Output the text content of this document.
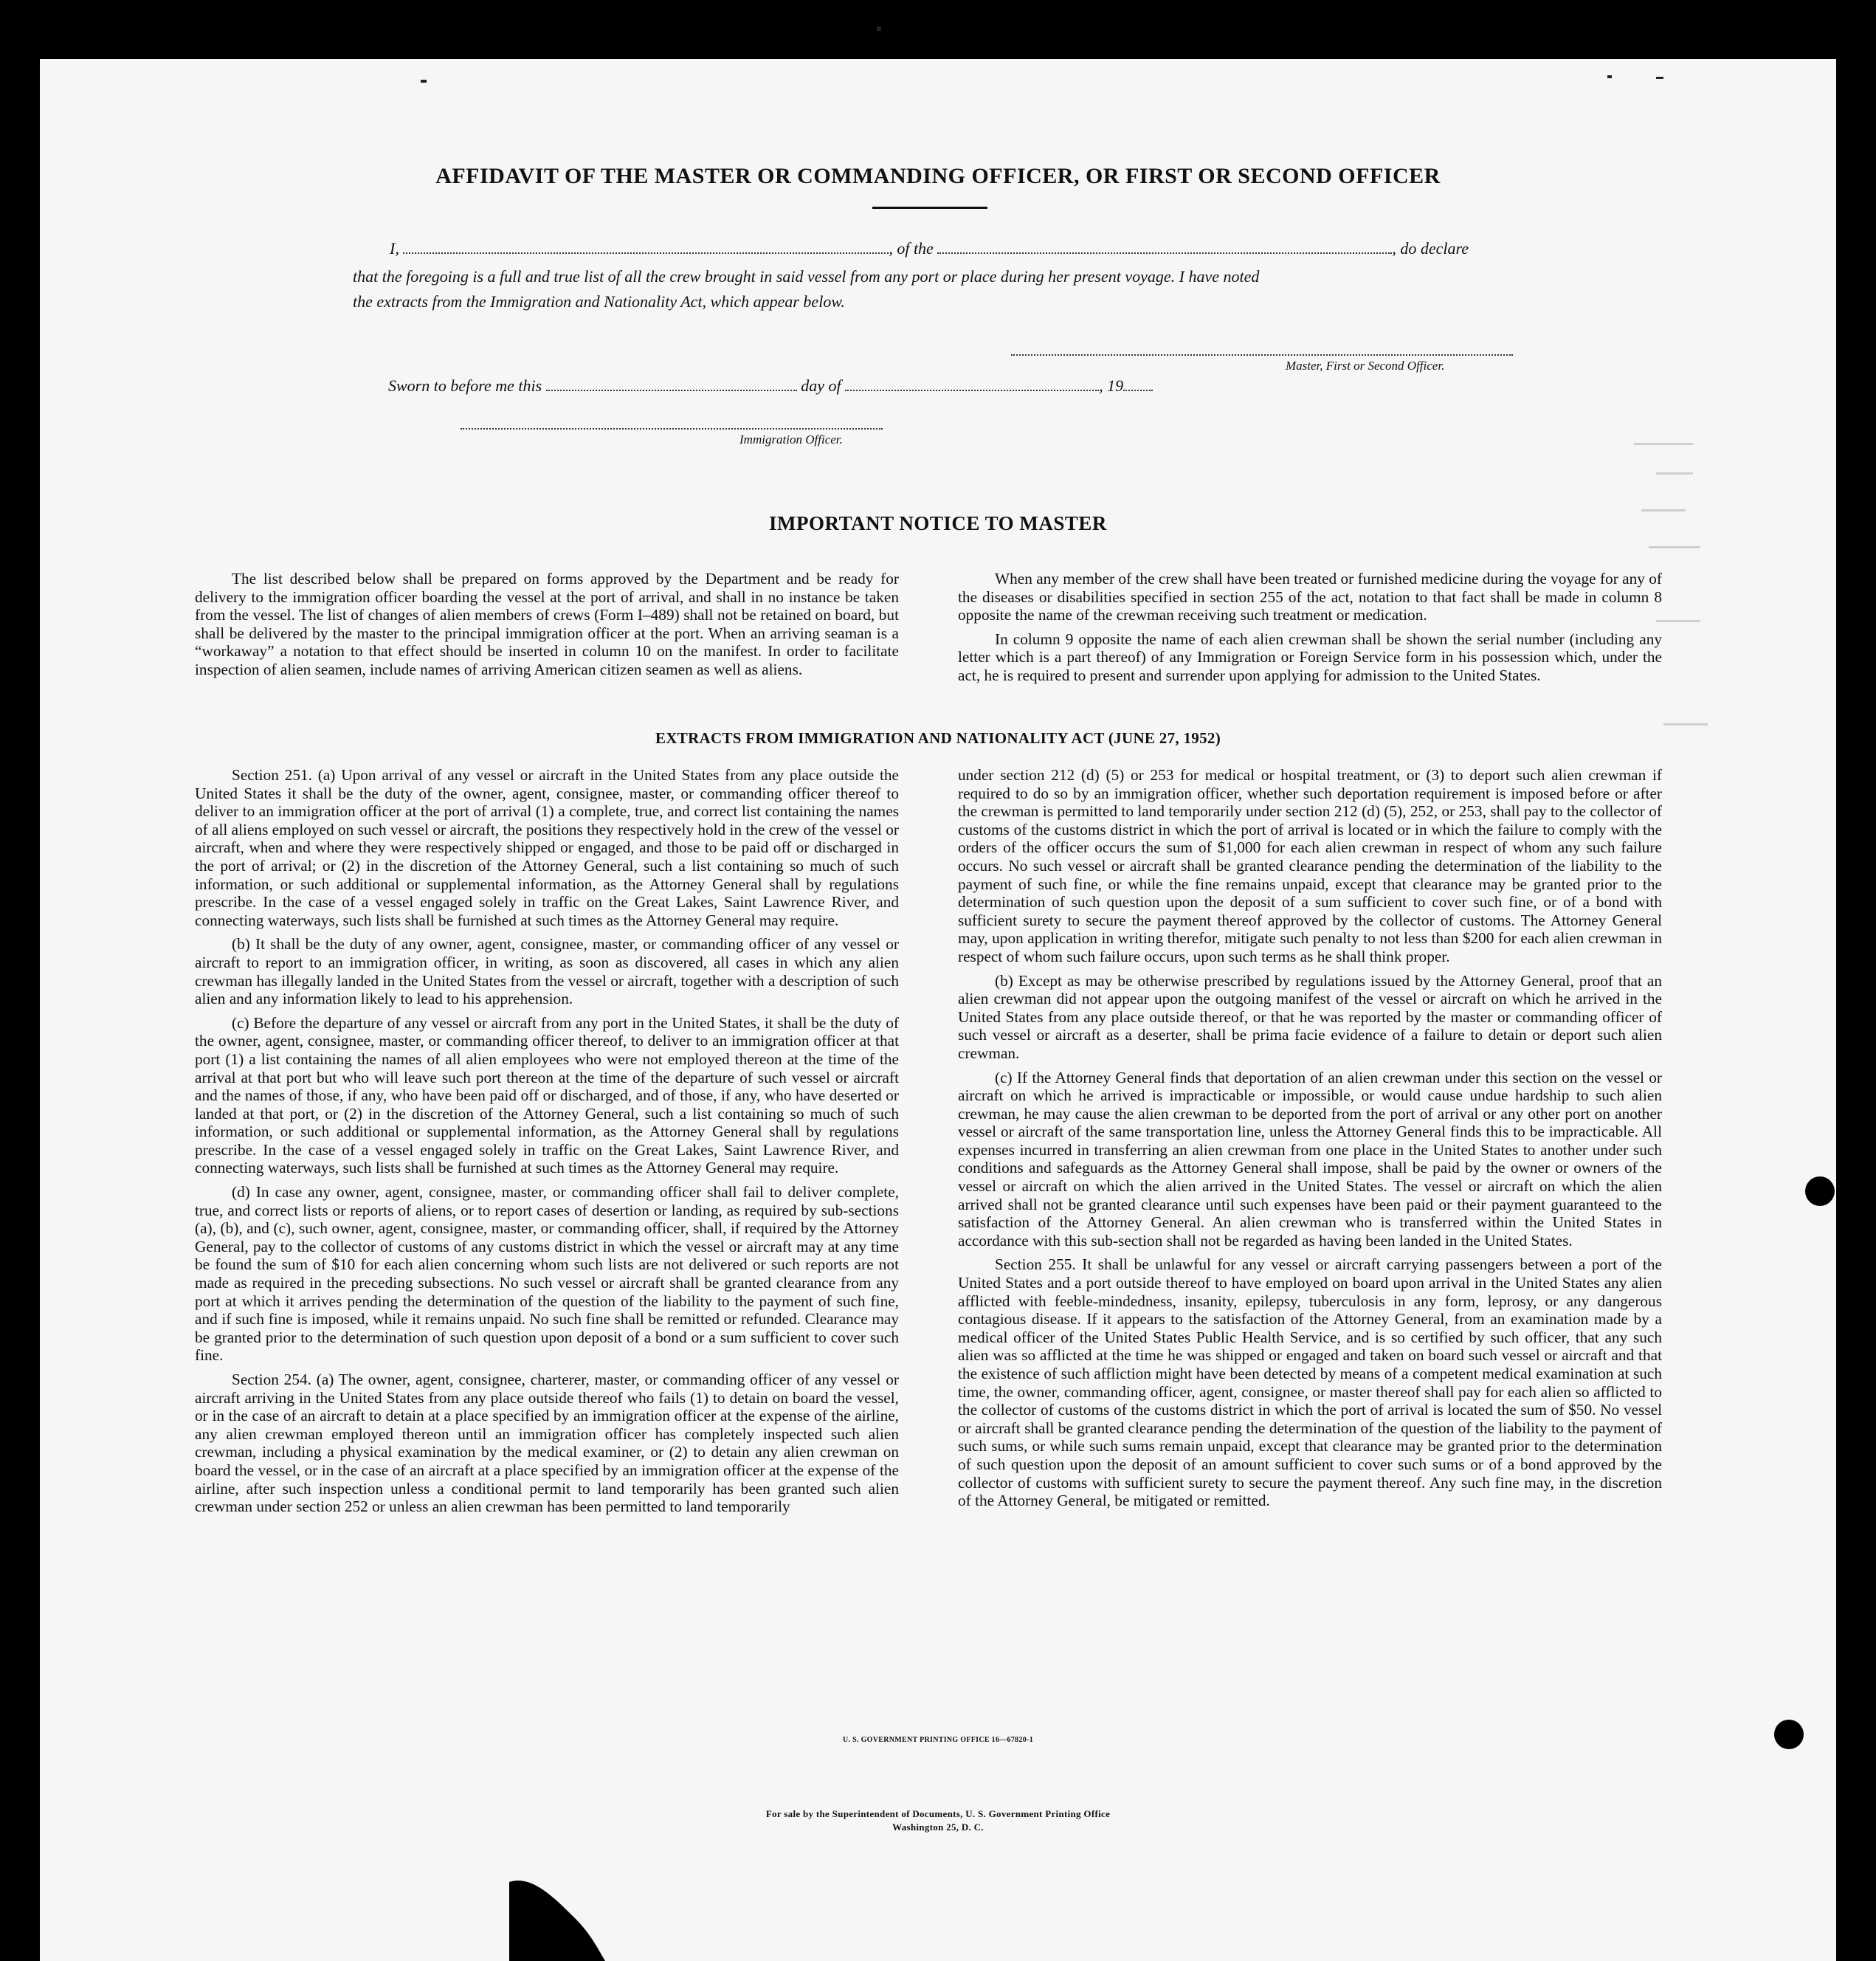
AFFIDAVIT OF THE MASTER OR COMMANDING OFFICER, OR FIRST OR SECOND OFFICER
I,	, of the	, do declare
that the foregoing is a full and true list of all the crew brought in said vessel from any port or place during her present voyage. I have noted
the extracts from the Immigration and Nationality Act, which appear below.
Master, First or Second Officer.
Sworn to before me this	day of	, 19
Immigration Officer.
IMPORTANT NOTICE TO MASTER

The list described below shall be prepared on forms approved by the Department and be ready for delivery to the immigration officer boarding the vessel at the port of arrival, and shall in no instance be taken from the vessel. The list of changes of alien members of crews (Form I–489) shall not be retained on board, but shall be delivered by the master to the principal immigration officer at the port. When an arriving seaman is a “workaway” a notation to that effect should be inserted in column 10 on the manifest. In order to facilitate inspection of alien seamen, include names of arriving American citizen seamen as well as aliens.

When any member of the crew shall have been treated or furnished medicine during the voyage for any of the diseases or disabilities specified in section 255 of the act, notation to that fact shall be made in column 8 opposite the name of the crewman receiving such treatment or medication.

In column 9 opposite the name of each alien crewman shall be shown the serial number (including any letter which is a part thereof) of any Immigration or Foreign Service form in his possession which, under the act, he is required to present and surrender upon applying for admission to the United States.

EXTRACTS FROM IMMIGRATION AND NATIONALITY ACT (JUNE 27, 1952)

Section 251. (a) Upon arrival of any vessel or aircraft in the United States from any place outside the United States it shall be the duty of the owner, agent, consignee, master, or commanding officer thereof to deliver to an immigration officer at the port of arrival (1) a complete, true, and correct list containing the names of all aliens employed on such vessel or aircraft, the positions they respectively hold in the crew of the vessel or aircraft, when and where they were respectively shipped or engaged, and those to be paid off or discharged in the port of arrival; or (2) in the discretion of the Attorney General, such a list containing so much of such information, or such additional or supplemental information, as the Attorney General shall by regulations prescribe. In the case of a vessel engaged solely in traffic on the Great Lakes, Saint Lawrence River, and connecting waterways, such lists shall be furnished at such times as the Attorney General may require.

(b) It shall be the duty of any owner, agent, consignee, master, or commanding officer of any vessel or aircraft to report to an immigration officer, in writing, as soon as discovered, all cases in which any alien crewman has illegally landed in the United States from the vessel or aircraft, together with a description of such alien and any information likely to lead to his apprehension.

(c) Before the departure of any vessel or aircraft from any port in the United States, it shall be the duty of the owner, agent, consignee, master, or commanding officer thereof, to deliver to an immigration officer at that port (1) a list containing the names of all alien employees who were not employed thereon at the time of the arrival at that port but who will leave such port thereon at the time of the departure of such vessel or aircraft and the names of those, if any, who have been paid off or discharged, and of those, if any, who have deserted or landed at that port, or (2) in the discretion of the Attorney General, such a list containing so much of such information, or such additional or supplemental information, as the Attorney General shall by regulations prescribe. In the case of a vessel engaged solely in traffic on the Great Lakes, Saint Lawrence River, and connecting waterways, such lists shall be furnished at such times as the Attorney General may require.

(d) In case any owner, agent, consignee, master, or commanding officer shall fail to deliver complete, true, and correct lists or reports of aliens, or to report cases of desertion or landing, as required by sub-sections (a), (b), and (c), such owner, agent, consignee, master, or commanding officer, shall, if required by the Attorney General, pay to the collector of customs of any customs district in which the vessel or aircraft may at any time be found the sum of $10 for each alien concerning whom such lists are not delivered or such reports are not made as required in the preceding subsections. No such vessel or aircraft shall be granted clearance from any port at which it arrives pending the determination of the question of the liability to the payment of such fine, and if such fine is imposed, while it remains unpaid. No such fine shall be remitted or refunded. Clearance may be granted prior to the determination of such question upon deposit of a bond or a sum sufficient to cover such fine.

Section 254. (a) The owner, agent, consignee, charterer, master, or commanding officer of any vessel or aircraft arriving in the United States from any place outside thereof who fails (1) to detain on board the vessel, or in the case of an aircraft to detain at a place specified by an immigration officer at the expense of the airline, any alien crewman employed thereon until an immigration officer has completely inspected such alien crewman, including a physical examination by the medical examiner, or (2) to detain any alien crewman on board the vessel, or in the case of an aircraft at a place specified by an immigration officer at the expense of the airline, after such inspection unless a conditional permit to land temporarily has been granted such alien crewman under section 252 or unless an alien crewman has been permitted to land temporarily

under section 212 (d) (5) or 253 for medical or hospital treatment, or (3) to deport such alien crewman if required to do so by an immigration officer, whether such deportation requirement is imposed before or after the crewman is permitted to land temporarily under section 212 (d) (5), 252, or 253, shall pay to the collector of customs of the customs district in which the port of arrival is located or in which the failure to comply with the orders of the officer occurs the sum of $1,000 for each alien crewman in respect of whom any such failure occurs. No such vessel or aircraft shall be granted clearance pending the determination of the liability to the payment of such fine, or while the fine remains unpaid, except that clearance may be granted prior to the determination of such question upon the deposit of a sum sufficient to cover such fine, or of a bond with sufficient surety to secure the payment thereof approved by the collector of customs. The Attorney General may, upon application in writing therefor, mitigate such penalty to not less than $200 for each alien crewman in respect of whom such failure occurs, upon such terms as he shall think proper.

(b) Except as may be otherwise prescribed by regulations issued by the Attorney General, proof that an alien crewman did not appear upon the outgoing manifest of the vessel or aircraft on which he arrived in the United States from any place outside thereof, or that he was reported by the master or commanding officer of such vessel or aircraft as a deserter, shall be prima facie evidence of a failure to detain or deport such alien crewman.

(c) If the Attorney General finds that deportation of an alien crewman under this section on the vessel or aircraft on which he arrived is impracticable or impossible, or would cause undue hardship to such alien crewman, he may cause the alien crewman to be deported from the port of arrival or any other port on another vessel or aircraft of the same transportation line, unless the Attorney General finds this to be impracticable. All expenses incurred in transferring an alien crewman from one place in the United States to another under such conditions and safeguards as the Attorney General shall impose, shall be paid by the owner or owners of the vessel or aircraft on which the alien arrived in the United States. The vessel or aircraft on which the alien arrived shall not be granted clearance until such expenses have been paid or their payment guaranteed to the satisfaction of the Attorney General. An alien crewman who is transferred within the United States in accordance with this sub-section shall not be regarded as having been landed in the United States.

Section 255. It shall be unlawful for any vessel or aircraft carrying passengers between a port of the United States and a port outside thereof to have employed on board upon arrival in the United States any alien afflicted with feeble-mindedness, insanity, epilepsy, tuberculosis in any form, leprosy, or any dangerous contagious disease. If it appears to the satisfaction of the Attorney General, from an examination made by a medical officer of the United States Public Health Service, and is so certified by such officer, that any such alien was so afflicted at the time he was shipped or engaged and taken on board such vessel or aircraft and that the existence of such affliction might have been detected by means of a competent medical examination at such time, the owner, commanding officer, agent, consignee, or master thereof shall pay for each alien so afflicted to the collector of customs of the customs district in which the port of arrival is located the sum of $50. No vessel or aircraft shall be granted clearance pending the determination of the question of the liability to the payment of such sums, or while such sums remain unpaid, except that clearance may be granted prior to the determination of such question upon the deposit of an amount sufficient to cover such sums or of a bond approved by the collector of customs with sufficient surety to secure the payment thereof. Any such fine may, in the discretion of the Attorney General, be mitigated or remitted.

U. S. GOVERNMENT PRINTING OFFICE 16—67820-1
For sale by the Superintendent of Documents, U. S. Government Printing Office
Washington 25, D. C.
